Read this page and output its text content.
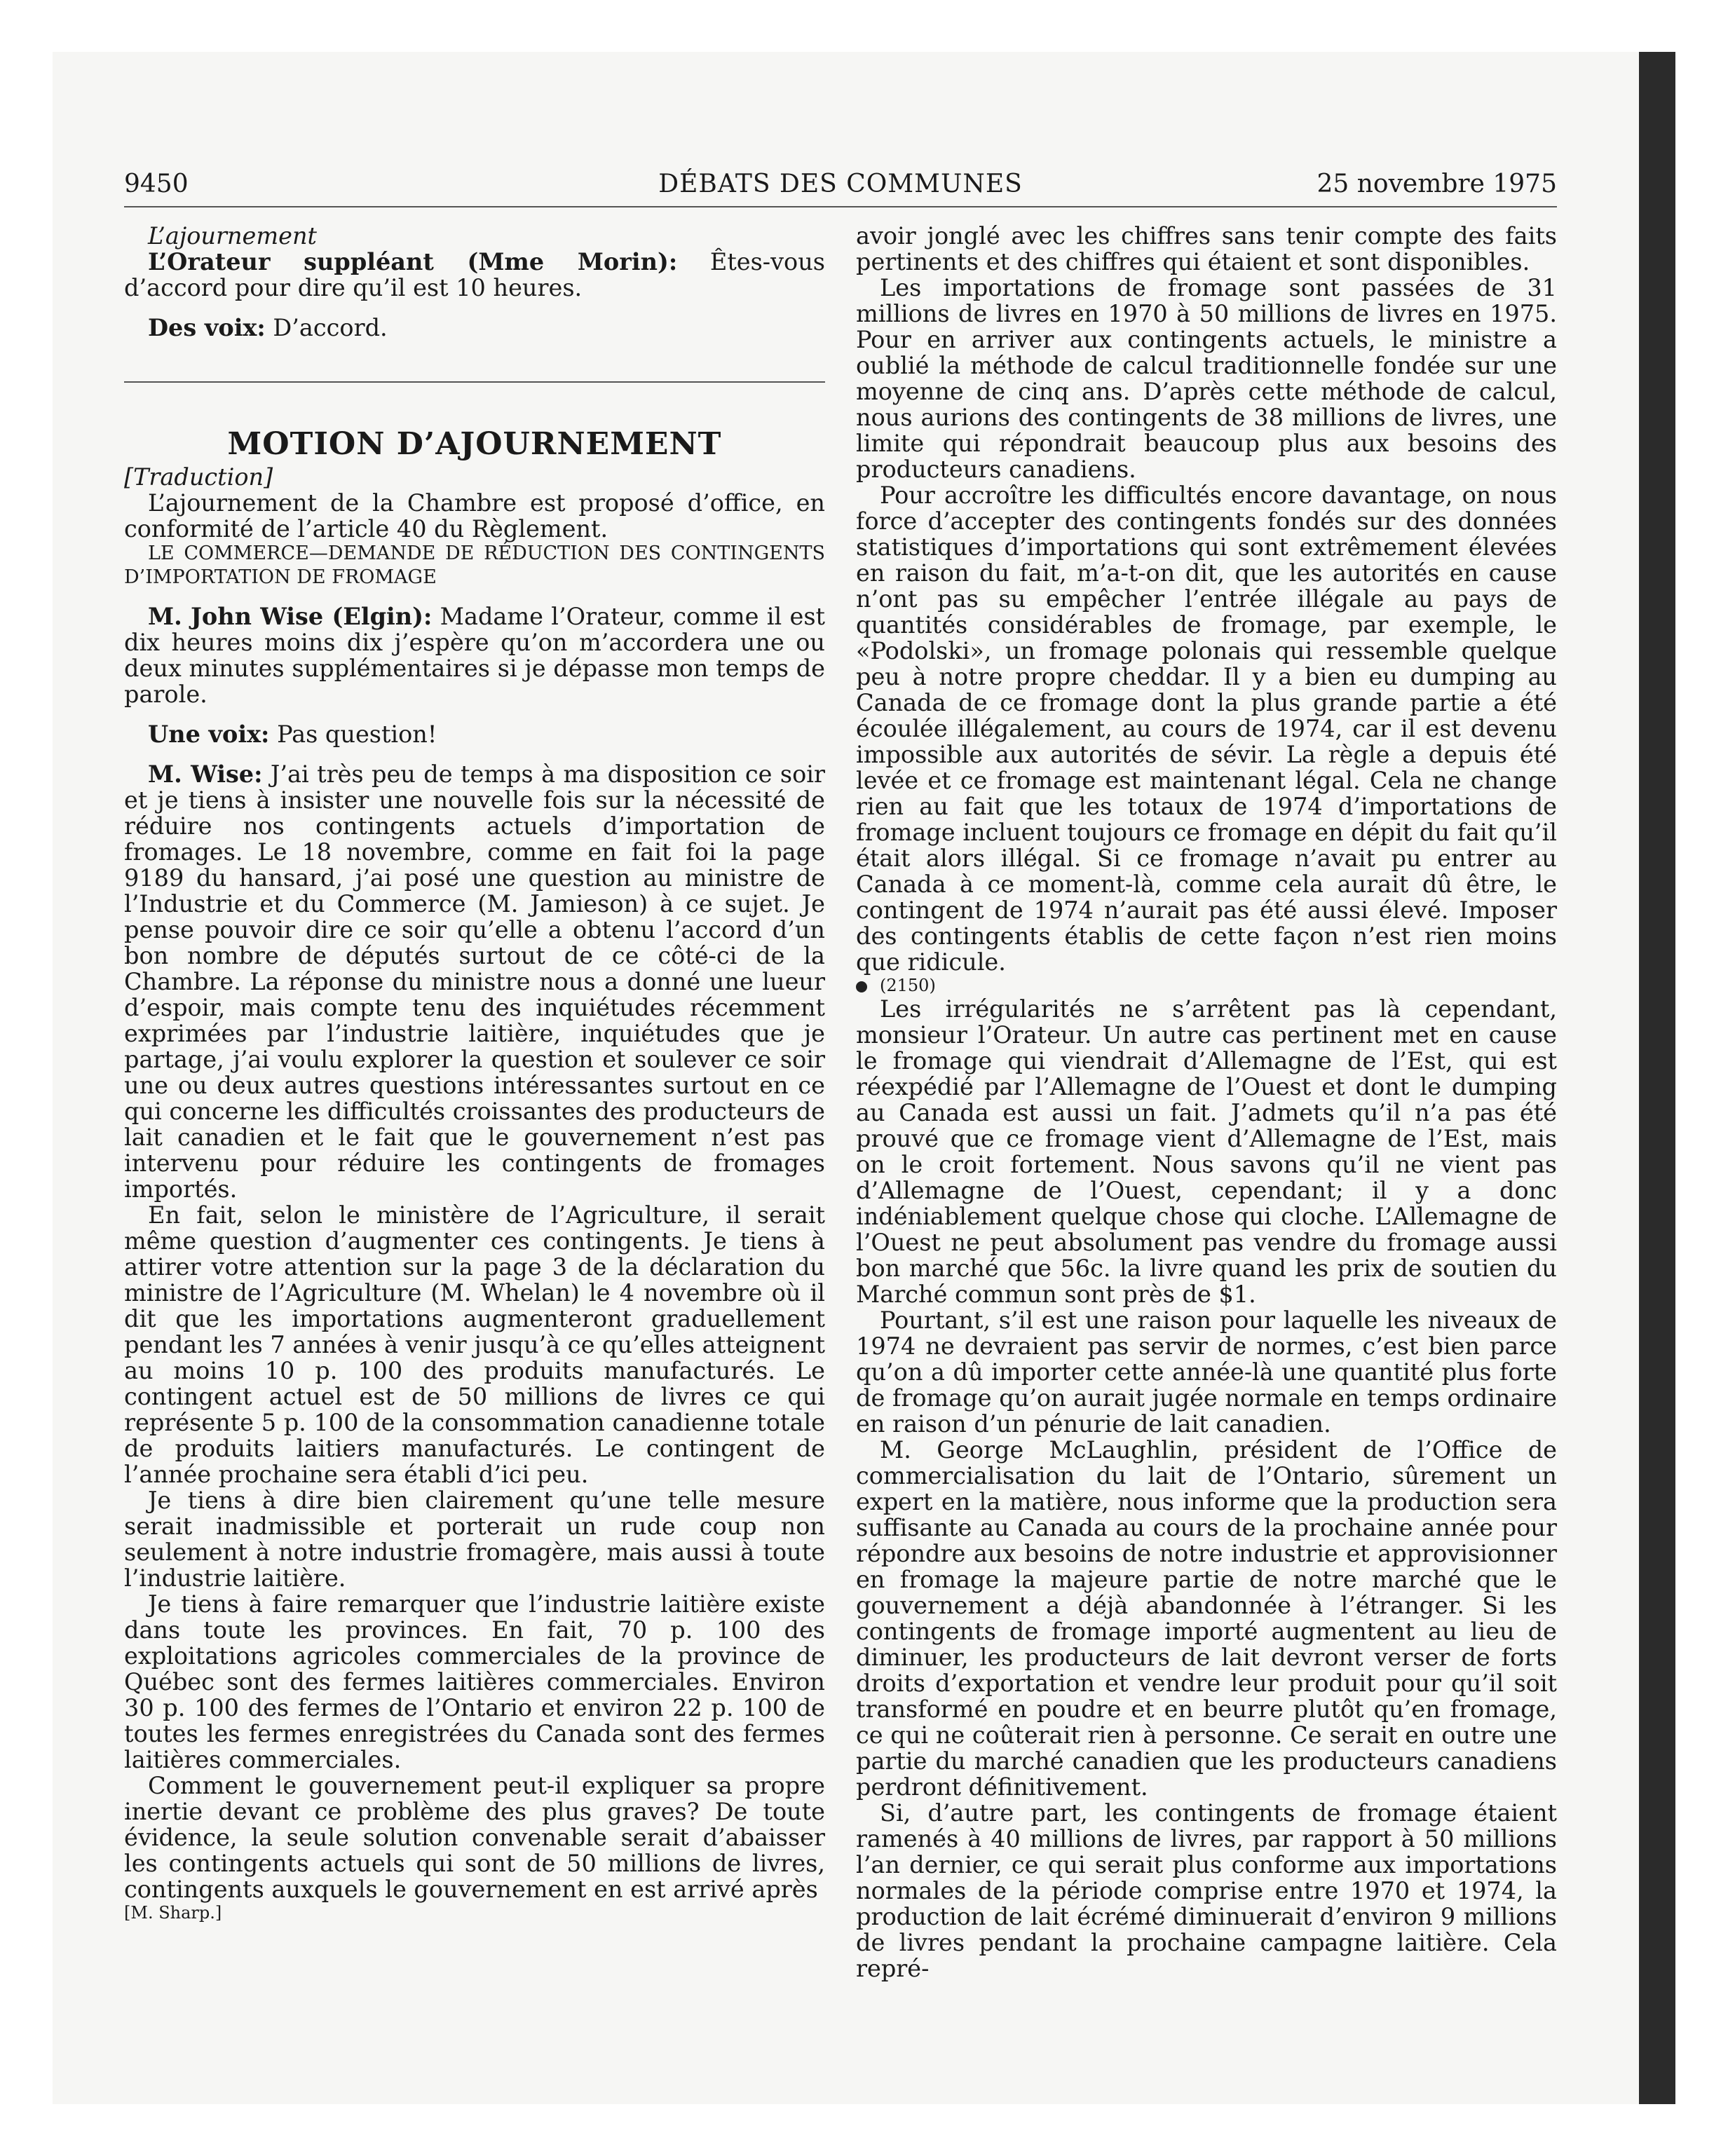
9450	DÉBATS DES COMMUNES	25 novembre 1975

L’ajournement

L’Orateur suppléant (Mme Morin): Êtes-vous d’accord pour dire qu’il est 10 heures.

Des voix: D’accord.

MOTION D’AJOURNEMENT

[Traduction]

L’ajournement de la Chambre est proposé d’office, en conformité de l’article 40 du Règlement.

LE COMMERCE—DEMANDE DE RÉDUCTION DES CONTINGENTS D’IMPORTATION DE FROMAGE

M. John Wise (Elgin): Madame l’Orateur, comme il est dix heures moins dix j’espère qu’on m’accordera une ou deux minutes supplémentaires si je dépasse mon temps de parole.

Une voix: Pas question!

M. Wise: J’ai très peu de temps à ma disposition ce soir et je tiens à insister une nouvelle fois sur la nécessité de réduire nos contingents actuels d’importation de fromages. Le 18 novembre, comme en fait foi la page 9189 du hansard, j’ai posé une question au ministre de l’Industrie et du Commerce (M. Jamieson) à ce sujet. Je pense pouvoir dire ce soir qu’elle a obtenu l’accord d’un bon nombre de députés surtout de ce côté-ci de la Chambre. La réponse du ministre nous a donné une lueur d’espoir, mais compte tenu des inquiétudes récemment exprimées par l’industrie laitière, inquiétudes que je partage, j’ai voulu explorer la question et soulever ce soir une ou deux autres questions intéressantes surtout en ce qui concerne les difficultés croissantes des producteurs de lait canadien et le fait que le gouvernement n’est pas intervenu pour réduire les contingents de fromages importés.

En fait, selon le ministère de l’Agriculture, il serait même question d’augmenter ces contingents. Je tiens à attirer votre attention sur la page 3 de la déclaration du ministre de l’Agriculture (M. Whelan) le 4 novembre où il dit que les importations augmenteront graduellement pendant les 7 années à venir jusqu’à ce qu’elles atteignent au moins 10 p. 100 des produits manufacturés. Le contingent actuel est de 50 millions de livres ce qui représente 5 p. 100 de la consommation canadienne totale de produits laitiers manufacturés. Le contingent de l’année prochaine sera établi d’ici peu.

Je tiens à dire bien clairement qu’une telle mesure serait inadmissible et porterait un rude coup non seulement à notre industrie fromagère, mais aussi à toute l’industrie laitière.

Je tiens à faire remarquer que l’industrie laitière existe dans toute les provinces. En fait, 70 p. 100 des exploitations agricoles commerciales de la province de Québec sont des fermes laitières commerciales. Environ 30 p. 100 des fermes de l’Ontario et environ 22 p. 100 de toutes les fermes enregistrées du Canada sont des fermes laitières commerciales.

Comment le gouvernement peut-il expliquer sa propre inertie devant ce problème des plus graves? De toute évidence, la seule solution convenable serait d’abaisser les contingents actuels qui sont de 50 millions de livres, contingents auxquels le gouvernement en est arrivé après

[M. Sharp.]

avoir jonglé avec les chiffres sans tenir compte des faits pertinents et des chiffres qui étaient et sont disponibles.

Les importations de fromage sont passées de 31 millions de livres en 1970 à 50 millions de livres en 1975. Pour en arriver aux contingents actuels, le ministre a oublié la méthode de calcul traditionnelle fondée sur une moyenne de cinq ans. D’après cette méthode de calcul, nous aurions des contingents de 38 millions de livres, une limite qui répondrait beaucoup plus aux besoins des producteurs canadiens.

Pour accroître les difficultés encore davantage, on nous force d’accepter des contingents fondés sur des données statistiques d’importations qui sont extrêmement élevées en raison du fait, m’a-t-on dit, que les autorités en cause n’ont pas su empêcher l’entrée illégale au pays de quantités considérables de fromage, par exemple, le «Podolski», un fromage polonais qui ressemble quelque peu à notre propre cheddar. Il y a bien eu dumping au Canada de ce fromage dont la plus grande partie a été écoulée illégalement, au cours de 1974, car il est devenu impossible aux autorités de sévir. La règle a depuis été levée et ce fromage est maintenant légal. Cela ne change rien au fait que les totaux de 1974 d’importations de fromage incluent toujours ce fromage en dépit du fait qu’il était alors illégal. Si ce fromage n’avait pu entrer au Canada à ce moment-là, comme cela aurait dû être, le contingent de 1974 n’aurait pas été aussi élevé. Imposer des contingents établis de cette façon n’est rien moins que ridicule.

(2150)

Les irrégularités ne s’arrêtent pas là cependant, monsieur l’Orateur. Un autre cas pertinent met en cause le fromage qui viendrait d’Allemagne de l’Est, qui est réexpédié par l’Allemagne de l’Ouest et dont le dumping au Canada est aussi un fait. J’admets qu’il n’a pas été prouvé que ce fromage vient d’Allemagne de l’Est, mais on le croit fortement. Nous savons qu’il ne vient pas d’Allemagne de l’Ouest, cependant; il y a donc indéniablement quelque chose qui cloche. L’Allemagne de l’Ouest ne peut absolument pas vendre du fromage aussi bon marché que 56c. la livre quand les prix de soutien du Marché commun sont près de $1.

Pourtant, s’il est une raison pour laquelle les niveaux de 1974 ne devraient pas servir de normes, c’est bien parce qu’on a dû importer cette année-là une quantité plus forte de fromage qu’on aurait jugée normale en temps ordinaire en raison d’un pénurie de lait canadien.

M. George McLaughlin, président de l’Office de commercialisation du lait de l’Ontario, sûrement un expert en la matière, nous informe que la production sera suffisante au Canada au cours de la prochaine année pour répondre aux besoins de notre industrie et approvisionner en fromage la majeure partie de notre marché que le gouvernement a déjà abandonnée à l’étranger. Si les contingents de fromage importé augmentent au lieu de diminuer, les producteurs de lait devront verser de forts droits d’exportation et vendre leur produit pour qu’il soit transformé en poudre et en beurre plutôt qu’en fromage, ce qui ne coûterait rien à personne. Ce serait en outre une partie du marché canadien que les producteurs canadiens perdront définitivement.

Si, d’autre part, les contingents de fromage étaient ramenés à 40 millions de livres, par rapport à 50 millions l’an dernier, ce qui serait plus conforme aux importations normales de la période comprise entre 1970 et 1974, la production de lait écrémé diminuerait d’environ 9 millions de livres pendant la prochaine campagne laitière. Cela repré-
